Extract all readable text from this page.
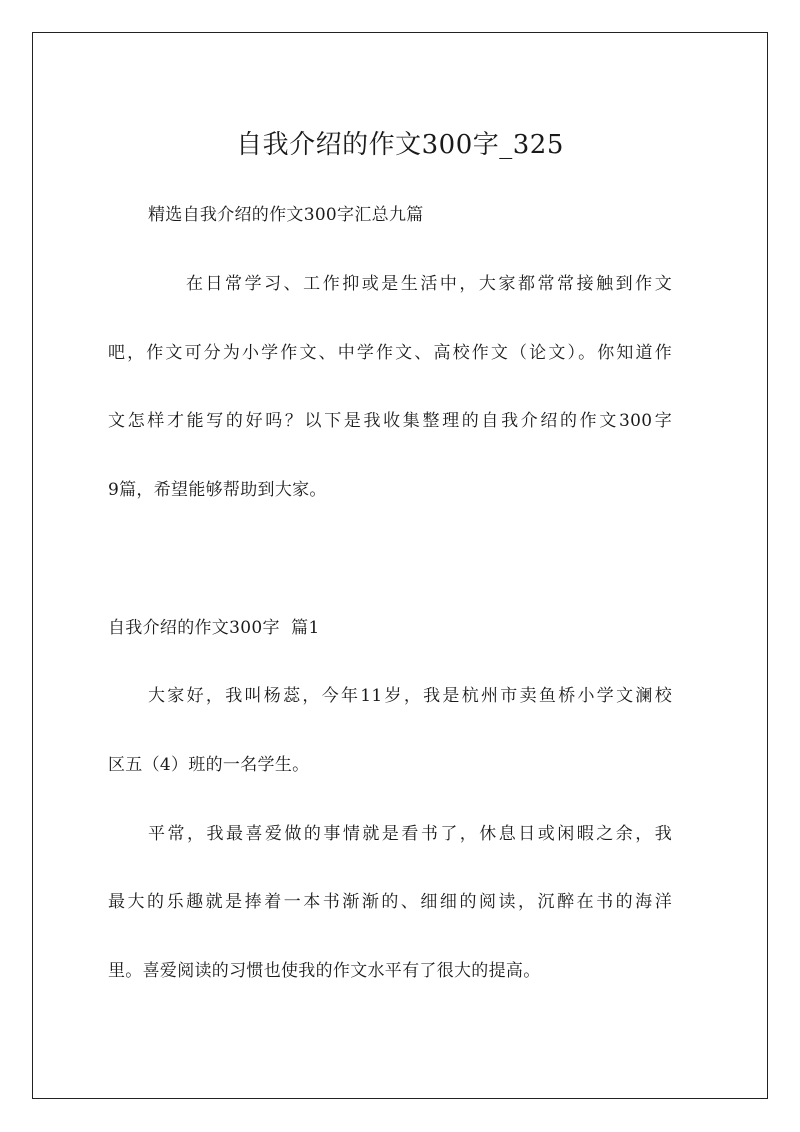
自我介绍的作文300字_325
精选自我介绍的作文300字汇总九篇
在日常学习、工作抑或是生活中，大家都常常接触到作文
吧，作文可分为小学作文、中学作文、高校作文（论文）。你知道作
文怎样才能写的好吗？以下是我收集整理的自我介绍的作文300字
9篇，希望能够帮助到大家。
自我介绍的作文300字  篇1
大家好，我叫杨蕊，今年11岁，我是杭州市卖鱼桥小学文澜校
区五（4）班的一名学生。
平常，我最喜爱做的事情就是看书了，休息日或闲暇之余，我
最大的乐趣就是捧着一本书渐渐的、细细的阅读，沉醉在书的海洋
里。喜爱阅读的习惯也使我的作文水平有了很大的提高。
